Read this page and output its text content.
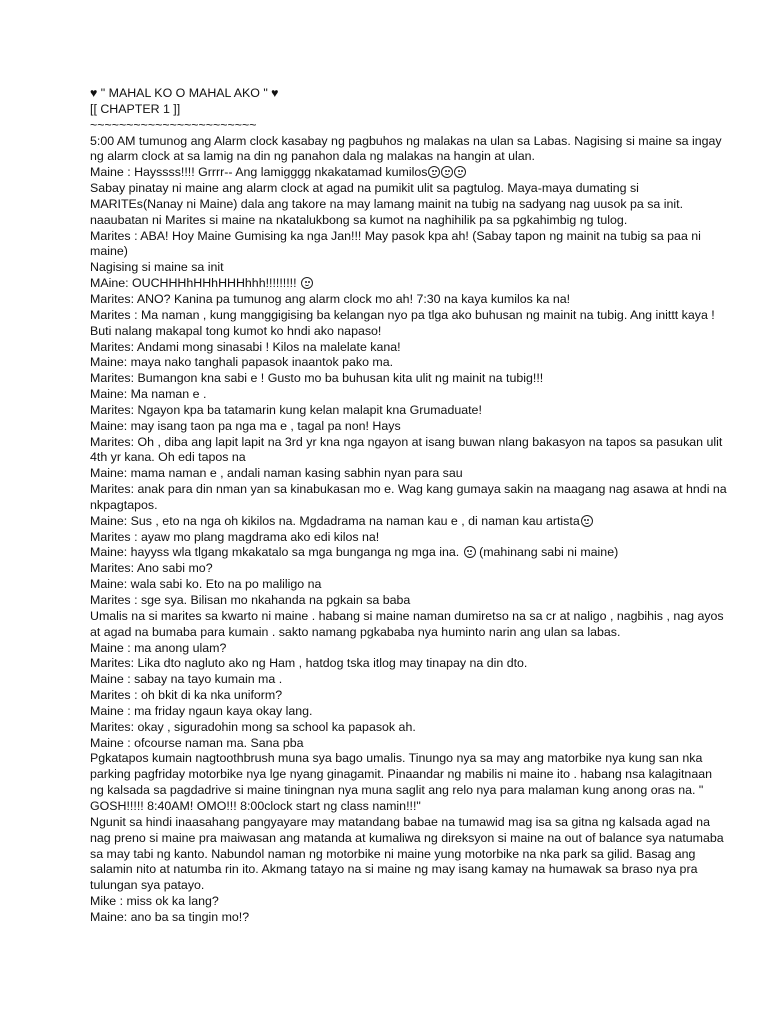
♥ " MAHAL KO O MAHAL AKO " ♥
[[ CHAPTER 1 ]]
~~~~~~~~~~~~~~~~~~~~~~~
5:00 AM tumunog ang Alarm clock kasabay ng pagbuhos ng malakas na ulan sa Labas. Nagising si maine sa ingay ng alarm clock at sa lamig na din ng panahon dala ng malakas na hangin at ulan.
Maine : Hayssss!!!! Grrrr-- Ang lamigggg nkakatamad kumilos
Sabay pinatay ni maine ang alarm clock at agad na pumikit ulit sa pagtulog. Maya-maya dumating si MARITEs(Nanay ni Maine) dala ang takore na may lamang mainit na tubig na sadyang nag uusok pa sa init. naaubatan ni Marites si maine na nkatalukbong sa kumot na naghihilik pa sa pgkahimbig ng tulog.
Marites : ABA! Hoy Maine Gumising ka nga Jan!!! May pasok kpa ah! (Sabay tapon ng mainit na tubig sa paa ni maine)
Nagising si maine sa init
MAine: OUCHHHhHHhHHHhhh!!!!!!!!!
Marites: ANO? Kanina pa tumunog ang alarm clock mo ah! 7:30 na kaya kumilos ka na!
Marites : Ma naman , kung manggigising ba kelangan nyo pa tlga ako buhusan ng mainit na tubig. Ang inittt kaya ! Buti nalang makapal tong kumot ko hndi ako napaso!
Marites: Andami mong sinasabi ! Kilos na malelate kana!
Maine: maya nako tanghali papasok inaantok pako ma.
Marites: Bumangon kna sabi e ! Gusto mo ba buhusan kita ulit ng mainit na tubig!!!
Maine: Ma naman e .
Marites: Ngayon kpa ba tatamarin kung kelan malapit kna Grumaduate!
Maine: may isang taon pa nga ma e , tagal pa non! Hays
Marites: Oh , diba ang lapit lapit na 3rd yr kna nga ngayon at isang buwan nlang bakasyon na tapos sa pasukan ulit 4th yr kana. Oh edi tapos na
Maine: mama naman e , andali naman kasing sabhin nyan para sau
Marites: anak para din nman yan sa kinabukasan mo e. Wag kang gumaya sakin na maagang nag asawa at hndi na nkpagtapos.
Maine: Sus , eto na nga oh kikilos na. Mgdadrama na naman kau e , di naman kau artista
Marites : ayaw mo plang magdrama ako edi kilos na!
Maine: hayyss wla tlgang mkakatalo sa mga bunganga ng mga ina.
(mahinang sabi ni maine)
Marites: Ano sabi mo?
Maine: wala sabi ko. Eto na po maliligo na
Marites : sge sya. Bilisan mo nkahanda na pgkain sa baba
Umalis na si marites sa kwarto ni maine . habang si maine naman dumiretso na sa cr at naligo , nagbihis , nag ayos at agad na bumaba para kumain . sakto namang pgkababa nya huminto narin ang ulan sa labas.
Maine : ma anong ulam?
Marites: Lika dto nagluto ako ng Ham , hatdog tska itlog may tinapay na din dto.
Maine : sabay na tayo kumain ma .
Marites : oh bkit di ka nka uniform?
Maine : ma friday ngaun kaya okay lang.
Marites: okay , siguradohin mong sa school ka papasok ah.
Maine : ofcourse naman ma. Sana pba
Pgkatapos kumain nagtoothbrush muna sya bago umalis. Tinungo nya sa may ang matorbike nya kung san nka parking pagfriday motorbike nya lge nyang ginagamit. Pinaandar ng mabilis ni maine ito . habang nsa kalagitnaan ng kalsada sa pagdadrive si maine tiningnan nya muna saglit ang relo nya para malaman kung anong oras na. " GOSH!!!!! 8:40AM! OMO!!! 8:00clock start ng class namin!!!"
Ngunit sa hindi inaasahang pangyayare may matandang babae na tumawid mag isa sa gitna ng kalsada agad na nag preno si maine pra maiwasan ang matanda at kumaliwa ng direksyon si maine na out of balance sya natumaba sa may tabi ng kanto. Nabundol naman ng motorbike ni maine yung motorbike na nka park sa gilid. Basag ang salamin nito at natumba rin ito. Akmang tatayo na si maine ng may isang kamay na humawak sa braso nya pra tulungan sya patayo.
Mike : miss ok ka lang?
Maine: ano ba sa tingin mo!?
